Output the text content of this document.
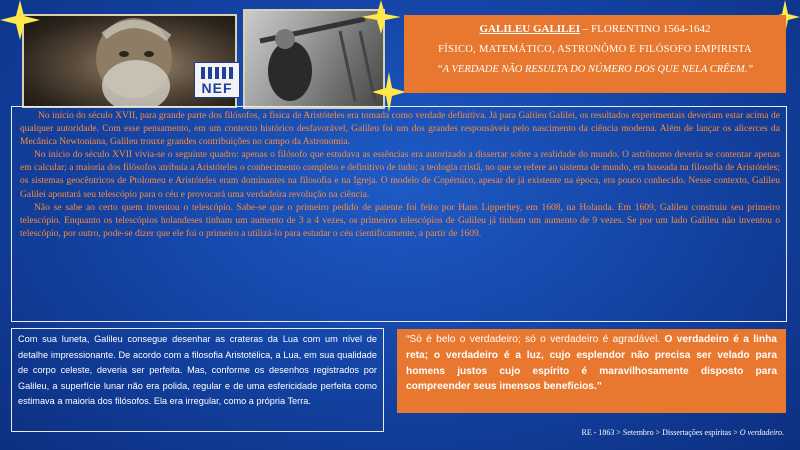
NEF
GALILEU GALILEI – FLORENTINO 1564-1642
FÍSICO, MATEMÁTICO, ASTRONÔMO E FILÓSOFO EMPIRISTA
“A VERDADE NÃO RESULTA DO NÚMERO DOS QUE NELA CRÊEM.”

No início do século XVII, para grande parte dos filósofos, a física de Aristóteles era tomada como verdade definitiva. Já para Galileu Galilei, os resultados experimentais deveriam estar acima de qualquer autoridade. Com esse pensamento, em um contexto histórico desfavorável, Galileu foi um dos grandes responsáveis pelo nascimento da ciência moderna. Além de lançar os alicerces da Mecânica Newtoniana, Galileu trouxe grandes contribuições no campo da Astronomia.

No início do século XVII vivia-se o seguinte quadro: apenas o filósofo que estudava as essências era autorizado a dissertar sobre a realidade do mundo. O astrônomo deveria se contentar apenas em calcular; a maioria dos filósofos atribuía a Aristóteles o conhecimento completo e definitivo de tudo; a teologia cristã, no que se refere ao sistema de mundo, era baseada na filosofia de Aristóteles; os sistemas geocêntricos de Ptolomeu e Aristóteles eram dominantes na filosofia e na Igreja. O modelo de Copérnico, apesar de já existente na época, era pouco conhecido. Nesse contexto, Galileu Galilei apontará seu telescópio para o céu e provocará uma verdadeira revolução na ciência.

Não se sabe ao certo quem inventou o telescópio. Sabe-se que o primeiro pedido de patente foi feito por Hans Lipperhey, em 1608, na Holanda. Em 1609, Galileu construiu seu primeiro telescópio. Enquanto os telescópios holandeses tinham um aumento de 3 a 4 vezes, os primeiros telescópios de Galileu já tinham um aumento de 9 vezes. Se por um lado Galileu não inventou o telescópio, por outro, pode-se dizer que ele foi o primeiro a utilizá-lo para estudar o céu cientificamente, a partir de 1609.

Com sua luneta, Galileu consegue desenhar as crateras da Lua com um nível de detalhe impressionante. De acordo com a filosofia Aristotélica, a Lua, em sua qualidade de corpo celeste, deveria ser perfeita. Mas, conforme os desenhos registrados por Galileu, a superfície lunar não era polida, regular e de uma esfericidade perfeita como estimava a maioria dos filósofos. Ela era irregular, como a própria Terra.
“Só é belo o verdadeiro; só o verdadeiro é agradável. O verdadeiro é a linha reta; o verdadeiro é a luz, cujo esplendor não precisa ser velado para homens justos cujo espírito é maravilhosamente disposto para compreender seus imensos benefícios.”
RE - 1863 > Setembro > Dissertações espíritas > O verdadeiro.
